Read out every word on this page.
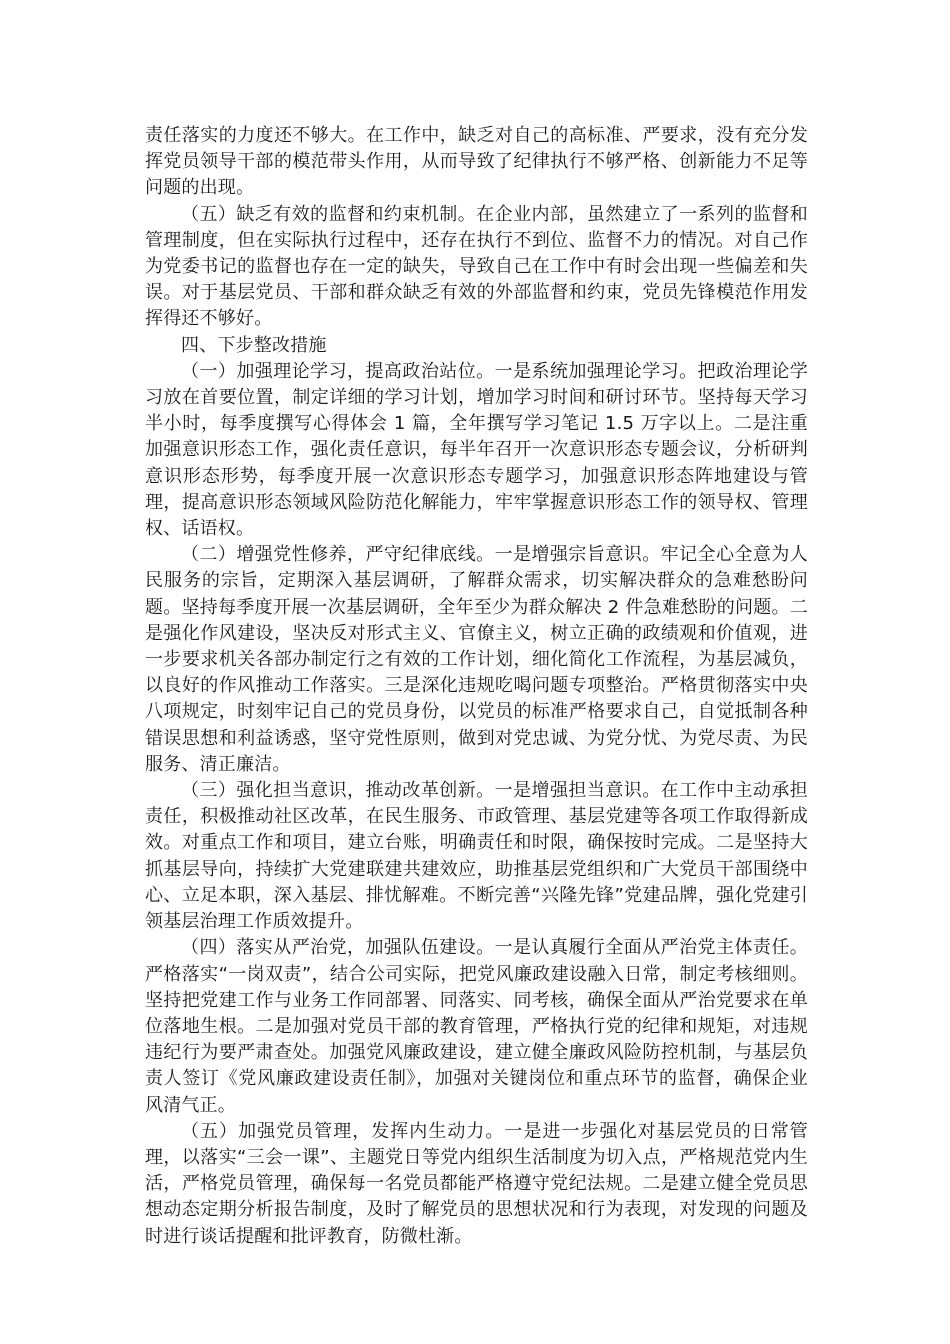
责任落实的力度还不够大。在工作中，缺乏对自己的高标准、严要求，没有充分发挥党员领导干部的模范带头作用，从而导致了纪律执行不够严格、创新能力不足等问题的出现。

（五）缺乏有效的监督和约束机制。在企业内部，虽然建立了一系列的监督和管理制度，但在实际执行过程中，还存在执行不到位、监督不力的情况。对自己作为党委书记的监督也存在一定的缺失，导致自己在工作中有时会出现一些偏差和失误。对于基层党员、干部和群众缺乏有效的外部监督和约束，党员先锋模范作用发挥得还不够好。

四、下步整改措施

（一）加强理论学习，提高政治站位。一是系统加强理论学习。把政治理论学习放在首要位置，制定详细的学习计划，增加学习时间和研讨环节。坚持每天学习半小时，每季度撰写心得体会 1 篇，全年撰写学习笔记 1.5 万字以上。二是注重加强意识形态工作，强化责任意识，每半年召开一次意识形态专题会议，分析研判意识形态形势，每季度开展一次意识形态专题学习，加强意识形态阵地建设与管理，提高意识形态领域风险防范化解能力，牢牢掌握意识形态工作的领导权、管理权、话语权。

（二）增强党性修养，严守纪律底线。一是增强宗旨意识。牢记全心全意为人民服务的宗旨，定期深入基层调研，了解群众需求，切实解决群众的急难愁盼问题。坚持每季度开展一次基层调研，全年至少为群众解决 2 件急难愁盼的问题。二是强化作风建设，坚决反对形式主义、官僚主义，树立正确的政绩观和价值观，进一步要求机关各部办制定行之有效的工作计划，细化简化工作流程，为基层减负，以良好的作风推动工作落实。三是深化违规吃喝问题专项整治。严格贯彻落实中央八项规定，时刻牢记自己的党员身份，以党员的标准严格要求自己，自觉抵制各种错误思想和利益诱惑，坚守党性原则，做到对党忠诚、为党分忧、为党尽责、为民服务、清正廉洁。

（三）强化担当意识，推动改革创新。一是增强担当意识。在工作中主动承担责任，积极推动社区改革，在民生服务、市政管理、基层党建等各项工作取得新成效。对重点工作和项目，建立台账，明确责任和时限，确保按时完成。二是坚持大抓基层导向，持续扩大党建联建共建效应，助推基层党组织和广大党员干部围绕中心、立足本职，深入基层、排忧解难。不断完善“兴隆先锋”党建品牌，强化党建引领基层治理工作质效提升。

（四）落实从严治党，加强队伍建设。一是认真履行全面从严治党主体责任。严格落实“一岗双责”，结合公司实际，把党风廉政建设融入日常，制定考核细则。坚持把党建工作与业务工作同部署、同落实、同考核，确保全面从严治党要求在单位落地生根。二是加强对党员干部的教育管理，严格执行党的纪律和规矩，对违规违纪行为要严肃查处。加强党风廉政建设，建立健全廉政风险防控机制，与基层负责人签订《党风廉政建设责任制》，加强对关键岗位和重点环节的监督，确保企业风清气正。

（五）加强党员管理，发挥内生动力。一是进一步强化对基层党员的日常管理，以落实“三会一课”、主题党日等党内组织生活制度为切入点，严格规范党内生活，严格党员管理，确保每一名党员都能严格遵守党纪法规。二是建立健全党员思想动态定期分析报告制度，及时了解党员的思想状况和行为表现，对发现的问题及时进行谈话提醒和批评教育，防微杜渐。
